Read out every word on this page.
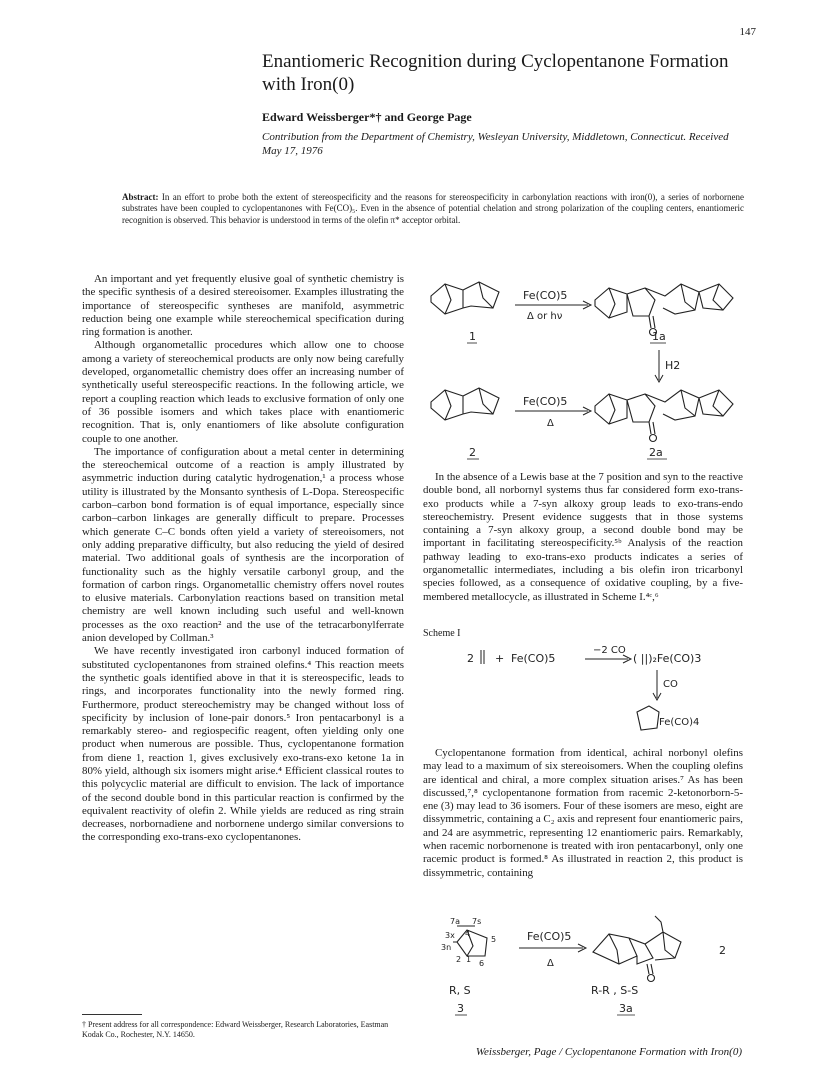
147
Enantiomeric Recognition during Cyclopentanone Formation with Iron(0)
Edward Weissberger*† and George Page
Contribution from the Department of Chemistry, Wesleyan University, Middletown, Connecticut. Received May 17, 1976
Abstract: In an effort to probe both the extent of stereospecificity and the reasons for stereospecificity in carbonylation reactions with iron(0), a series of norbornene substrates have been coupled to cyclopentanones with Fe(CO)₅. Even in the absence of potential chelation and strong polarization of the coupling centers, enantiomeric recognition is observed. This behavior is understood in terms of the olefin π* acceptor orbital.

An important and yet frequently elusive goal of synthetic chemistry is the specific synthesis of a desired stereoisomer. Examples illustrating the importance of stereospecific syntheses are manifold, asymmetric reduction being one example while stereochemical specification during ring formation is another.

Although organometallic procedures which allow one to choose among a variety of stereochemical products are only now being carefully developed, organometallic chemistry does offer an increasing number of synthetically useful stereospecific reactions. In the following article, we report a coupling reaction which leads to exclusive formation of only one of 36 possible isomers and which takes place with enantiomeric recognition. That is, only enantiomers of like absolute configuration couple to one another.

The importance of configuration about a metal center in determining the stereochemical outcome of a reaction is amply illustrated by asymmetric induction during catalytic hydrogenation,¹ a process whose utility is illustrated by the Monsanto synthesis of L-Dopa. Stereospecific carbon–carbon bond formation is of equal importance, especially since carbon–carbon linkages are generally difficult to prepare. Processes which generate C–C bonds often yield a variety of stereoisomers, not only adding preparative difficulty, but also reducing the yield of desired material. Two additional goals of synthesis are the incorporation of functionality such as the highly versatile carbonyl group, and the formation of carbon rings. Organometallic chemistry offers novel routes to elusive materials. Carbonylation reactions based on transition metal chemistry are well known including such useful and well-known processes as the oxo reaction² and the use of the tetracarbonylferrate anion developed by Collman.³

We have recently investigated iron carbonyl induced formation of substituted cyclopentanones from strained olefins.⁴ This reaction meets the synthetic goals identified above in that it is stereospecific, leads to rings, and incorporates functionality into the newly formed ring. Furthermore, product stereochemistry may be changed without loss of specificity by inclusion of lone-pair donors.⁵ Iron pentacarbonyl is a remarkably stereo- and regiospecific reagent, often yielding only one product when numerous are possible. Thus, cyclopentanone formation from diene 1, reaction 1, gives exclusively exo-trans-exo ketone 1a in 80% yield, although six isomers might arise.⁴ Efficient classical routes to this polycyclic material are difficult to envision. The lack of importance of the second double bond in this particular reaction is confirmed by the equivalent reactivity of olefin 2. While yields are reduced as ring strain decreases, norbornadiene and norbornene undergo similar conversions to the corresponding exo-trans-exo cyclopentanones.

† Present address for all correspondence: Edward Weissberger, Research Laboratories, Eastman Kodak Co., Rochester, N.Y. 14650.
Fe(CO)5
Δ or hν
1	1a
H2
Fe(CO)5
Δ
2	2a

In the absence of a Lewis base at the 7 position and syn to the reactive double bond, all norbornyl systems thus far considered form exo-trans-exo products while a 7-syn alkoxy group leads to exo-trans-endo stereochemistry. Present evidence suggests that in those systems containing a 7-syn alkoxy group, a second double bond may be important in facilitating stereospecificity.⁵ᵇ Analysis of the reaction pathway leading to exo-trans-exo products indicates a series of organometallic intermediates, including a bis olefin iron tricarbonyl species followed, as a consequence of oxidative coupling, by a five-membered metallocycle, as illustrated in Scheme I.⁴ᶜ,⁶

Scheme I
2 + Fe(CO)5
−2 CO
( ||)₂Fe(CO)3
CO
Fe(CO)4

Cyclopentanone formation from identical, achiral norbonyl olefins may lead to a maximum of six stereoisomers. When the coupling olefins are identical and chiral, a more complex situation arises.⁷ As has been discussed,⁷,⁸ cyclopentanone formation from racemic 2-ketonorborn-5-ene (3) may lead to 36 isomers. Four of these isomers are meso, eight are dissymmetric, containing a C₂ axis and represent four enantiomeric pairs, and 24 are asymmetric, representing 12 enantiomeric pairs. Remarkably, when racemic norbornenone is treated with iron pentacarbonyl, only one racemic product is formed.⁸ As illustrated in reaction 2, this product is dissymmetric, containing

7a 7s
3x 4
5
3n
2 1 6
Fe(CO)5
Δ
2
R, S	R-R , S-S
3	3a
Weissberger, Page / Cyclopentanone Formation with Iron(0)
